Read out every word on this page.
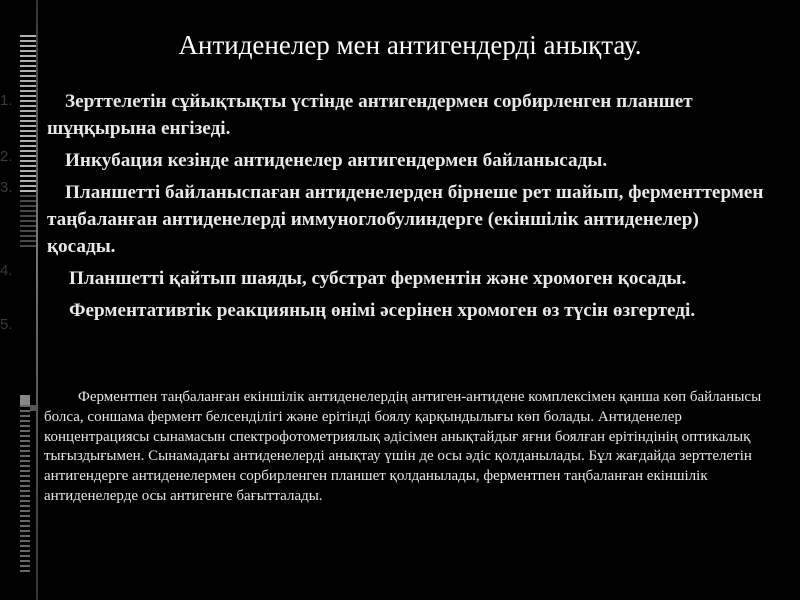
1.
2.
3.
4.
5.
Антиденелер мен антигендерді анықтау.

Зерттелетін сұйықтықты үстінде антигендермен сорбирленген планшет шұңқырына енгізеді.

Инкубация кезінде антиденелер антигендермен байланысады.

Планшетті байланыспаған антиденелерден бірнеше рет шайып, ферменттермен таңбаланған антиденелерді иммуноглобулиндерге (екіншілік антиденелер) қосады.

Планшетті қайтып шаяды, субстрат ферментін және хромоген қосады.

Ферментативтік реакцияның өнімі әсерінен хромоген өз түсін өзгертеді.

Ферментпен таңбаланған екіншілік антиденелердің антиген-антидене комплексімен қанша көп байланысы болса, соншама фермент белсенділігі және ерітінді боялу қарқындылығы көп болады. Антиденелер концентрациясы сынамасын спектрофотометриялық әдісімен анықтайдығ яғни боялған ерітіндінің оптикалық тығыздығымен. Сынамадағы антиденелерді анықтау үшін де осы әдіс қолданылады. Бұл жағдайда зерттелетін антигендерге антиденелермен сорбирленген планшет қолданылады, ферментпен таңбаланған екіншілік антиденелерде осы антигенге бағытталады.
